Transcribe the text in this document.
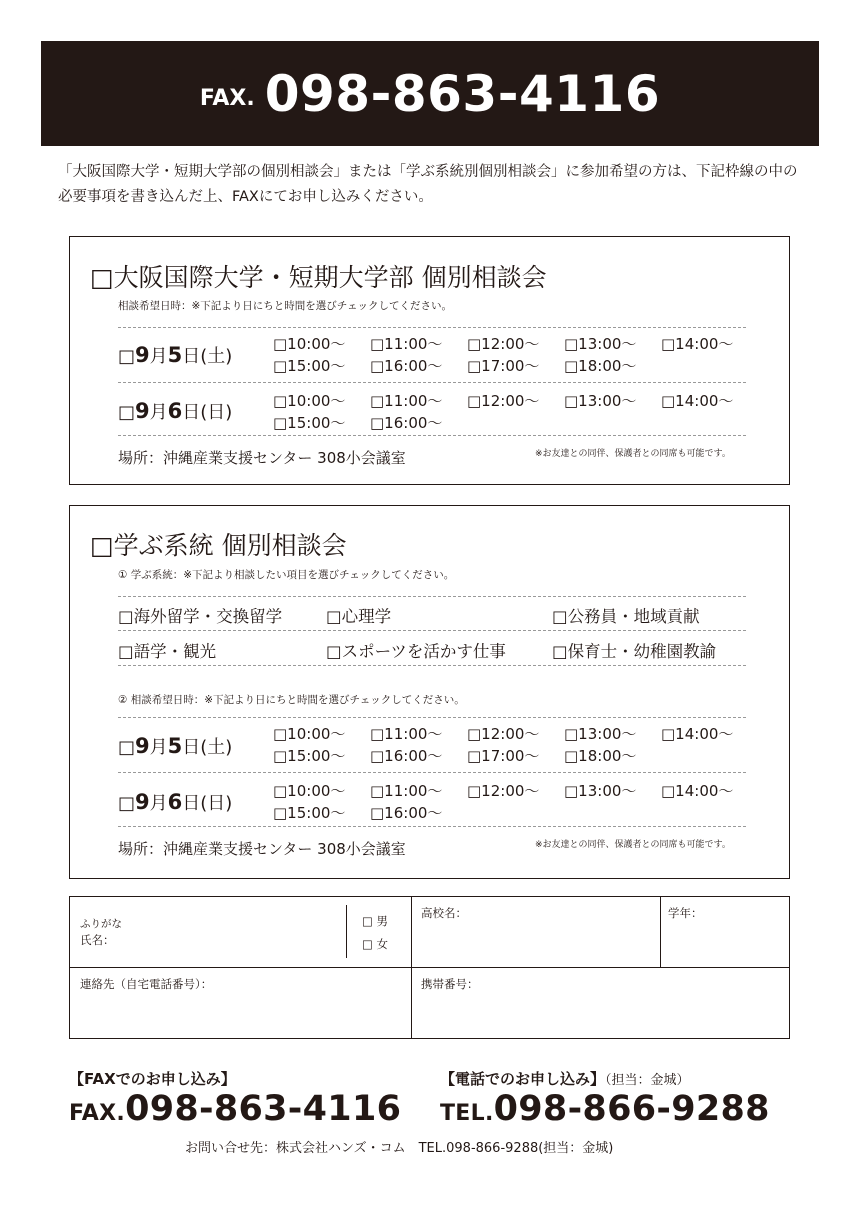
FAX. 098-863-4116
「大阪国際大学・短期大学部の個別相談会」または「学ぶ系統別個別相談会」に参加希望の方は、下記枠線の中の必要事項を書き込んだ上、FAXにてお申し込みください。
□大阪国際大学・短期大学部 個別相談会
相談希望日時：※下記より日にちと時間を選びチェックしてください。
□9月5日(土)
□10:00〜 □11:00〜 □12:00〜 □13:00〜 □14:00〜
□15:00〜 □16:00〜 □17:00〜 □18:00〜
□9月6日(日)
□10:00〜 □11:00〜 □12:00〜 □13:00〜 □14:00〜
□15:00〜 □16:00〜
場所：沖縄産業支援センター 308小会議室	※お友達との同伴、保護者との同席も可能です。
□学ぶ系統 個別相談会
① 学ぶ系統：※下記より相談したい項目を選びチェックしてください。
□海外留学・交換留学	□心理学	□公務員・地域貢献
□語学・観光	□スポーツを活かす仕事	□保育士・幼稚園教諭
② 相談希望日時：※下記より日にちと時間を選びチェックしてください。
□9月5日(土)
□10:00〜 □11:00〜 □12:00〜 □13:00〜 □14:00〜
□15:00〜 □16:00〜 □17:00〜 □18:00〜
□9月6日(日)
□10:00〜 □11:00〜 □12:00〜 □13:00〜 □14:00〜
□15:00〜 □16:00〜
場所：沖縄産業支援センター 308小会議室	※お友達との同伴、保護者との同席も可能です。
ふりがな
氏名：
□ 男
□ 女
高校名：	学年：
連絡先（自宅電話番号）：	携帯番号：
【FAXでのお申し込み】	【電話でのお申し込み】（担当：金城）
FAX.098-863-4116 TEL.098-866-9288
お問い合せ先：株式会社ハンズ・コム　TEL.098-866-9288(担当：金城)
